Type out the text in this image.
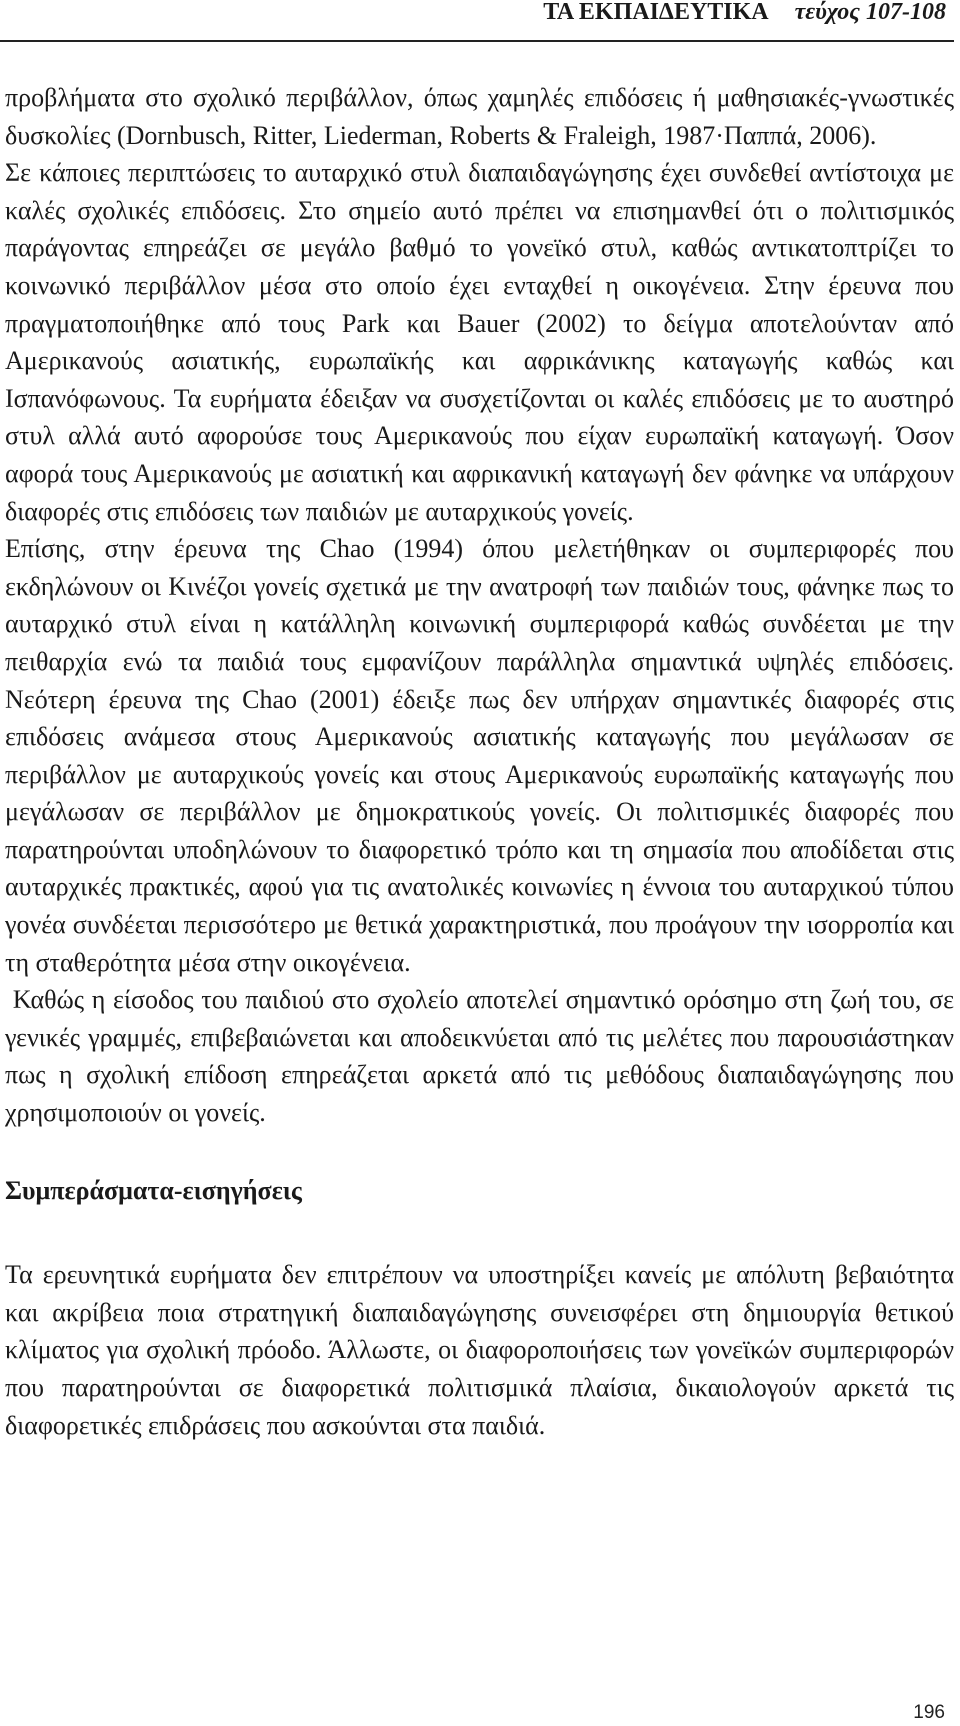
ΤΑ ΕΚΠΑΙΔΕΥΤΙΚΑ τεύχος 107-108

προβλήματα στο σχολικό περιβάλλον, όπως χαμηλές επιδόσεις ή μαθησιακές-γνωστικές δυσκολίες (Dornbusch, Ritter, Liederman, Roberts & Fraleigh, 1987·Παππά, 2006).

Σε κάποιες περιπτώσεις το αυταρχικό στυλ διαπαιδαγώγησης έχει συνδεθεί αντίστοιχα με καλές σχολικές επιδόσεις. Στο σημείο αυτό πρέπει να επισημανθεί ότι ο πολιτισμικός παράγοντας επηρεάζει σε μεγάλο βαθμό το γονεϊκό στυλ, καθώς αντικατοπτρίζει το κοινωνικό περιβάλλον μέσα στο οποίο έχει ενταχθεί η οικογένεια. Στην έρευνα που πραγματοποιήθηκε από τους Park και Bauer (2002) το δείγμα αποτελούνταν από Αμερικανούς ασιατικής, ευρωπαϊκής και αφρικάνικης καταγωγής καθώς και Ισπανόφωνους. Τα ευρήματα έδειξαν να συσχετίζονται οι καλές επιδόσεις με το αυστηρό στυλ αλλά αυτό αφορούσε τους Αμερικανούς που είχαν ευρωπαϊκή καταγωγή. Όσον αφορά τους Αμερικανούς με ασιατική και αφρικανική καταγωγή δεν φάνηκε να υπάρχουν διαφορές στις επιδόσεις των παιδιών με αυταρχικούς γονείς.

Επίσης, στην έρευνα της Chao (1994) όπου μελετήθηκαν οι συμπεριφορές που εκδηλώνουν οι Κινέζοι γονείς σχετικά με την ανατροφή των παιδιών τους, φάνηκε πως το αυταρχικό στυλ είναι η κατάλληλη κοινωνική συμπεριφορά καθώς συνδέεται με την πειθαρχία ενώ τα παιδιά τους εμφανίζουν παράλληλα σημαντικά υψηλές επιδόσεις. Νεότερη έρευνα της Chao (2001) έδειξε πως δεν υπήρχαν σημαντικές διαφορές στις επιδόσεις ανάμεσα στους Αμερικανούς ασιατικής καταγωγής που μεγάλωσαν σε περιβάλλον με αυταρχικούς γονείς και στους Αμερικανούς ευρωπαϊκής καταγωγής που μεγάλωσαν σε περιβάλλον με δημοκρατικούς γονείς. Οι πολιτισμικές διαφορές που παρατηρούνται υποδηλώνουν το διαφορετικό τρόπο και τη σημασία που αποδίδεται στις αυταρχικές πρακτικές, αφού για τις ανατολικές κοινωνίες η έννοια του αυταρχικού τύπου γονέα συνδέεται περισσότερο με θετικά χαρακτηριστικά, που προάγουν την ισορροπία και τη σταθερότητα μέσα στην οικογένεια.

Καθώς η είσοδος του παιδιού στο σχολείο αποτελεί σημαντικό ορόσημο στη ζωή του, σε γενικές γραμμές, επιβεβαιώνεται και αποδεικνύεται από τις μελέτες που παρουσιάστηκαν πως η σχολική επίδοση επηρεάζεται αρκετά από τις μεθόδους διαπαιδαγώγησης που χρησιμοποιούν οι γονείς.

Συμπεράσματα-εισηγήσεις

Τα ερευνητικά ευρήματα δεν επιτρέπουν να υποστηρίξει κανείς με απόλυτη βεβαιότητα και ακρίβεια ποια στρατηγική διαπαιδαγώγησης συνεισφέρει στη δημιουργία θετικού κλίματος για σχολική πρόοδο. Άλλωστε, οι διαφοροποιήσεις των γονεϊκών συμπεριφορών που παρατηρούνται σε διαφορετικά πολιτισμικά πλαίσια, δικαιολογούν αρκετά τις διαφορετικές επιδράσεις που ασκούνται στα παιδιά.

196
